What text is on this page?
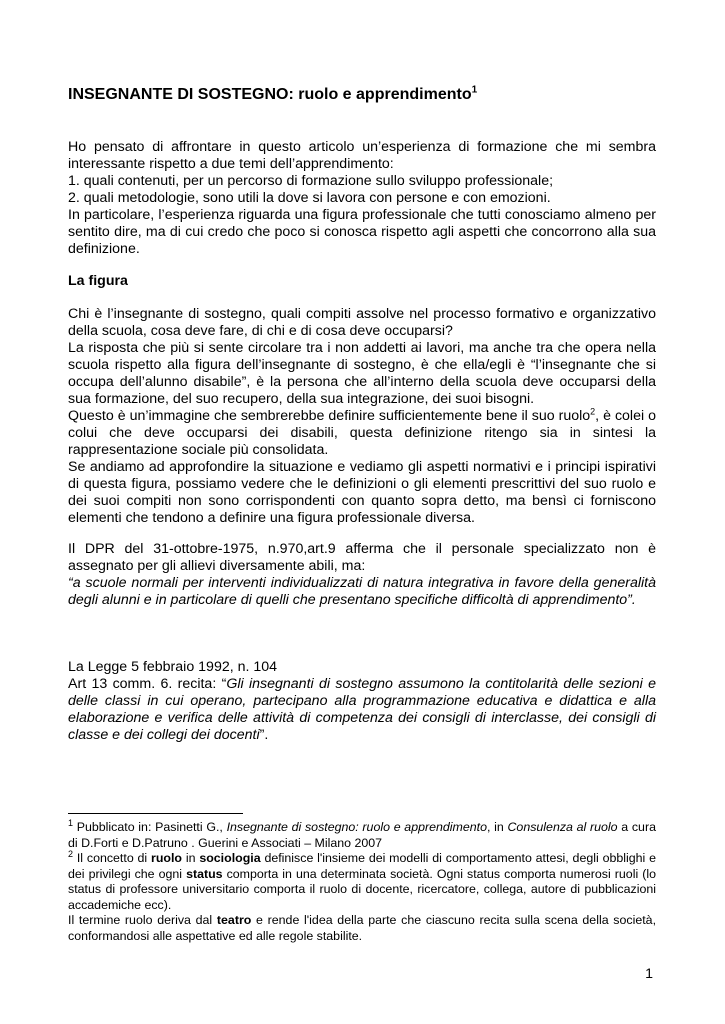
INSEGNANTE DI SOSTEGNO: ruolo e apprendimento$^1$

Ho pensato di affrontare in questo articolo un’esperienza di formazione che mi sembra interessante rispetto a due temi dell’apprendimento:

1. quali contenuti, per un percorso di formazione sullo sviluppo professionale;

2. quali metodologie, sono utili la dove si lavora con persone e con emozioni.

In particolare, l’esperienza riguarda una figura professionale che tutti conosciamo almeno per sentito dire, ma di cui credo che poco si conosca rispetto agli aspetti che concorrono alla sua definizione.

La figura

Chi è l’insegnante di sostegno, quali compiti assolve nel processo formativo e organizzativo della scuola, cosa deve fare, di chi e di cosa deve occuparsi?

La risposta che più si sente circolare tra i non addetti ai lavori, ma anche tra che opera nella scuola rispetto alla figura dell’insegnante di sostegno, è che ella/egli è “l’insegnante che si occupa dell’alunno disabile”, è la persona che all’interno della scuola deve occuparsi della sua formazione, del suo recupero, della sua integrazione, dei suoi bisogni.

Questo è un’immagine che sembrerebbe definire sufficientemente bene il suo ruolo$^2$, è colei o colui che deve occuparsi dei disabili, questa definizione ritengo sia in sintesi la rappresentazione sociale più consolidata.

Se andiamo ad approfondire la situazione e vediamo gli aspetti normativi e i principi ispirativi di questa figura, possiamo vedere che le definizioni o gli elementi prescrittivi del suo ruolo e dei suoi compiti non sono corrispondenti con quanto sopra detto, ma bensì ci forniscono elementi che tendono a definire una figura professionale diversa.

Il DPR del 31-ottobre-1975, n.970,art.9 afferma che il personale specializzato non è assegnato per gli allievi diversamente abili, ma:

“a scuole normali per interventi individualizzati di natura integrativa in favore della generalità degli alunni e in particolare di quelli che presentano specifiche difficoltà di apprendimento”.

La Legge 5 febbraio 1992, n. 104

Art 13 comm. 6. recita: “Gli insegnanti di sostegno assumono la contitolarità delle sezioni e delle classi in cui operano, partecipano alla programmazione educativa e didattica e alla elaborazione e verifica delle attività di competenza dei consigli di interclasse, dei consigli di classe e dei collegi dei docenti”.

$^1$ Pubblicato in: Pasinetti G., Insegnante di sostegno: ruolo e apprendimento, in Consulenza al ruolo a cura di D.Forti e D.Patruno . Guerini e Associati – Milano 2007

$^2$ Il concetto di ruolo in sociologia definisce l'insieme dei modelli di comportamento attesi, degli obblighi e dei privilegi che ogni status comporta in una determinata società. Ogni status comporta numerosi ruoli (lo status di professore universitario comporta il ruolo di docente, ricercatore, collega, autore di pubblicazioni accademiche ecc).

Il termine ruolo deriva dal teatro e rende l'idea della parte che ciascuno recita sulla scena della società, conformandosi alle aspettative ed alle regole stabilite.

1
